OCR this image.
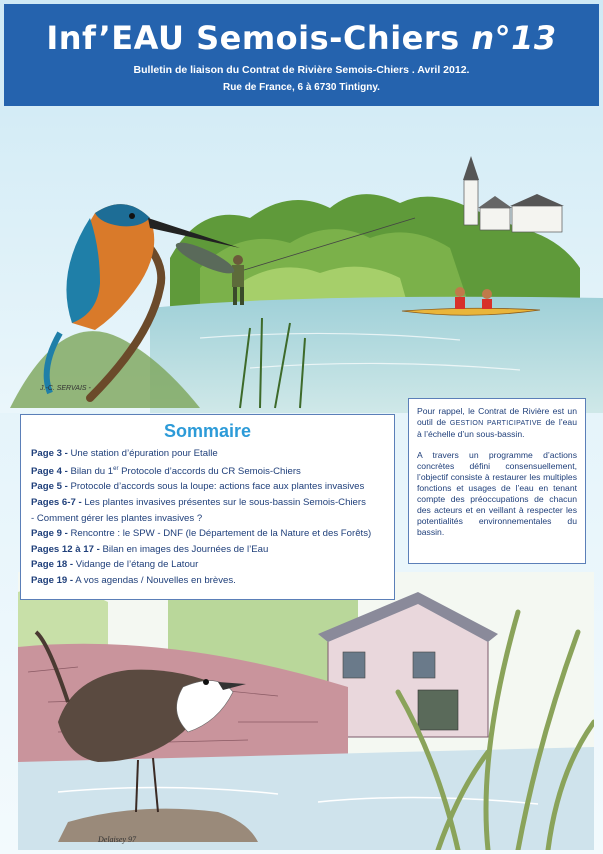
Inf’EAU Semois-Chiers n°13
Bulletin de liaison du Contrat de Rivière Semois-Chiers . Avril 2012.
Rue de France, 6 à 6730 Tintigny.
J.-C. SERVAIS -
Delaisey 97
Sommaire
Page 3 - Une station d’épuration pour Etalle
Page 4 - Bilan du 1er Protocole d’accords du CR Semois-Chiers
Page 5 - Protocole d’accords sous la loupe: actions face aux plantes invasives
Pages 6-7 - Les plantes invasives présentes sur le sous-bassin Semois-Chiers
- Comment gérer les plantes invasives ?
Page 9 - Rencontre : le SPW - DNF (le Département de la Nature et des Forêts)
Pages 12 à 17 - Bilan en images des Journées de l’Eau
Page 18 - Vidange de l’étang de Latour
Page 19 - A vos agendas / Nouvelles en brèves.

Pour rappel, le Contrat de Rivière est un outil de GESTION PARTICIPATIVE de l’eau à l’échelle d’un sous-bassin.

A travers un programme d’actions concrètes défini consensuellement, l’objectif consiste à restaurer les multiples fonctions et usages de l’eau en tenant compte des préoccupations de chacun des acteurs et en veillant à respecter les potentialités environnementales du bassin.
